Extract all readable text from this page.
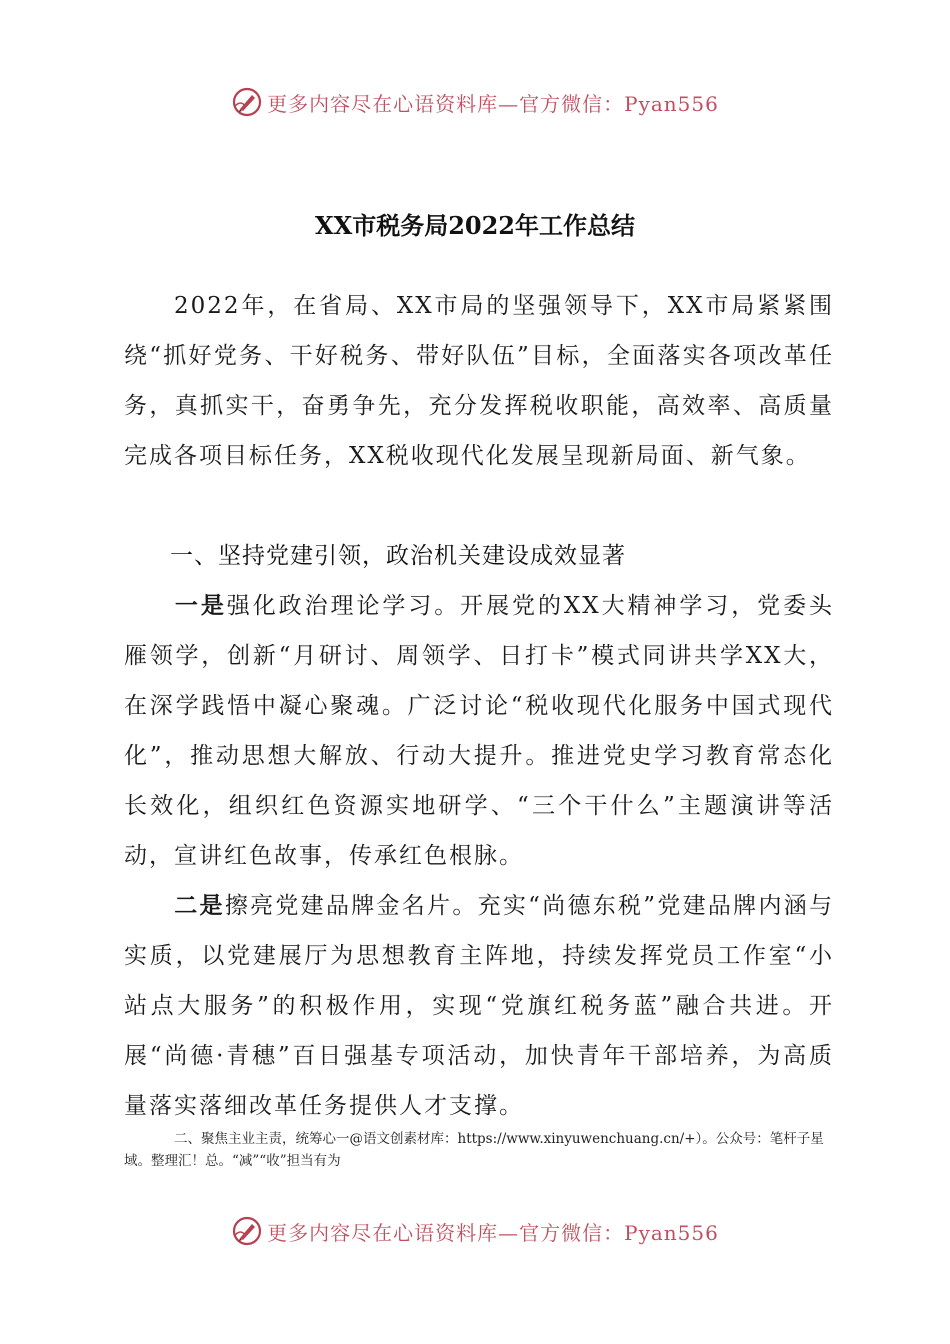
更多内容尽在心语资料库—官方微信：Pyan556
XX市税务局2022年工作总结
2022年，在省局、XX市局的坚强领导下，XX市局紧紧围绕“抓好党务、干好税务、带好队伍”目标，全面落实各项改革任务，真抓实干，奋勇争先，充分发挥税收职能，高效率、高质量完成各项目标任务，XX税收现代化发展呈现新局面、新气象。
一、坚持党建引领，政治机关建设成效显著
一是强化政治理论学习。开展党的XX大精神学习，党委头雁领学，创新“月研讨、周领学、日打卡”模式同讲共学XX大，在深学践悟中凝心聚魂。广泛讨论“税收现代化服务中国式现代化”，推动思想大解放、行动大提升。推进党史学习教育常态化长效化，组织红色资源实地研学、“三个干什么”主题演讲等活动，宣讲红色故事，传承红色根脉。
二是擦亮党建品牌金名片。充实“尚德东税”党建品牌内涵与实质，以党建展厅为思想教育主阵地，持续发挥党员工作室“小站点大服务”的积极作用，实现“党旗红税务蓝”融合共进。开展“尚德·青穗”百日强基专项活动，加快青年干部培养，为高质量落实落细改革任务提供人才支撑。
二、聚焦主业主责，统筹心一@语文创素材库：https://www.xinyuwenchuang.cn/+）。公众号：笔杆子星域。整理汇！总。“减”“收”担当有为
更多内容尽在心语资料库—官方微信：Pyan556
